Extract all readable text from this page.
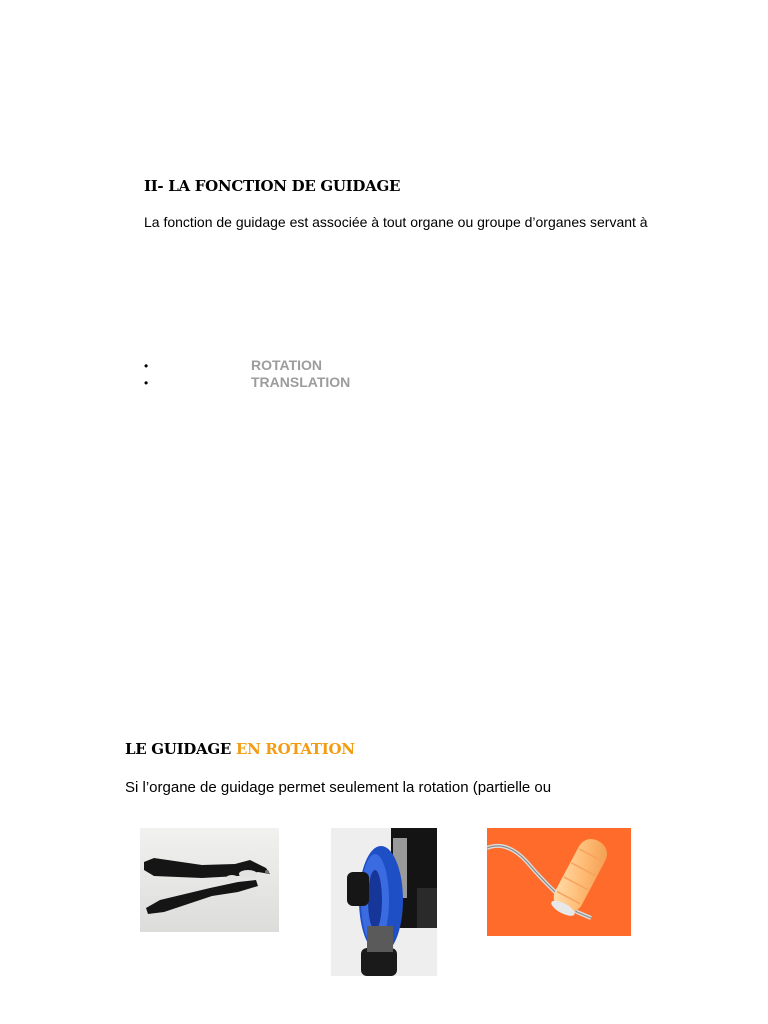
II- LA FONCTION DE GUIDAGE
La fonction de guidage est associée à tout organe ou groupe d’organes servant à
•	ROTATION
•	TRANSLATION
LE GUIDAGE EN ROTATION
Si l’organe de guidage permet seulement la rotation (partielle ou
